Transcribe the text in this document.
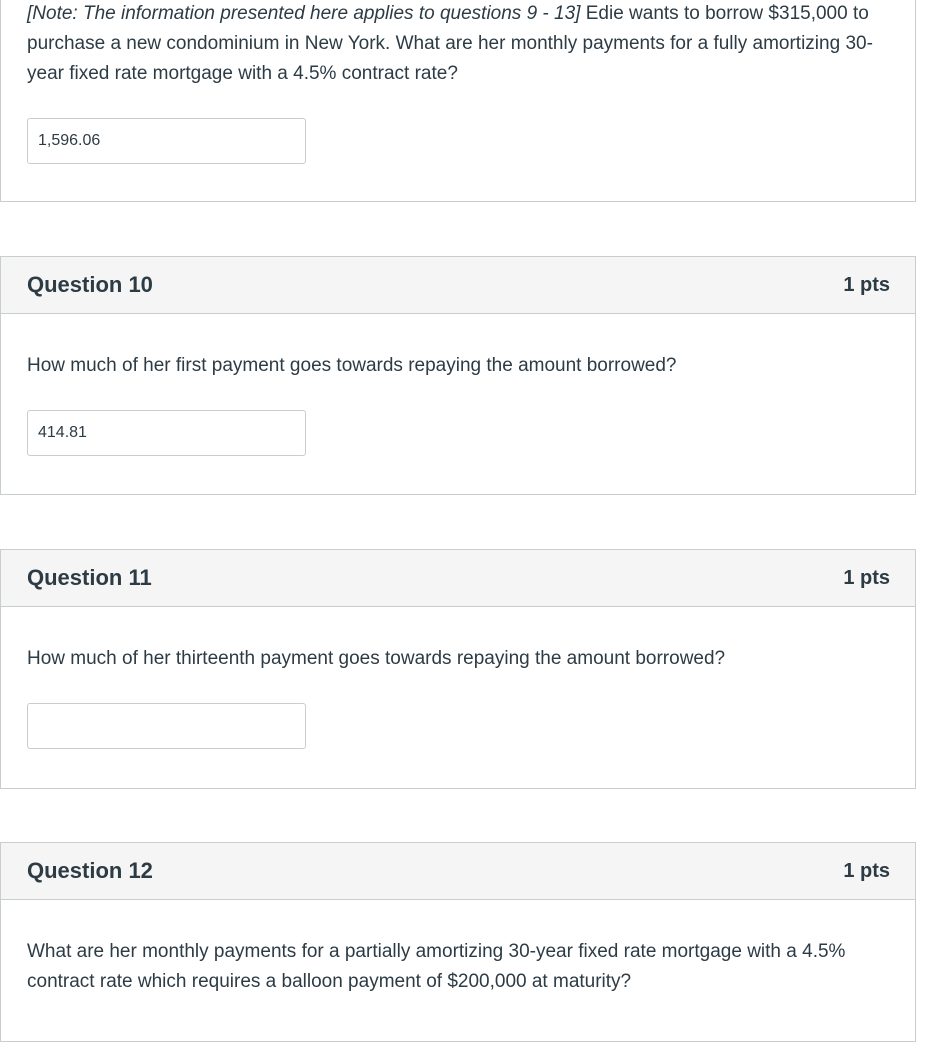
[Note: The information presented here applies to questions 9 - 13] Edie wants to borrow $315,000 to purchase a new condominium in New York. What are her monthly payments for a fully amortizing 30-year fixed rate mortgage with a 4.5% contract rate?

1,596.06
Question 10	1 pts

How much of her first payment goes towards repaying the amount borrowed?

414.81
Question 11	1 pts

How much of her thirteenth payment goes towards repaying the amount borrowed?

Question 12	1 pts

What are her monthly payments for a partially amortizing 30-year fixed rate mortgage with a 4.5% contract rate which requires a balloon payment of $200,000 at maturity?
